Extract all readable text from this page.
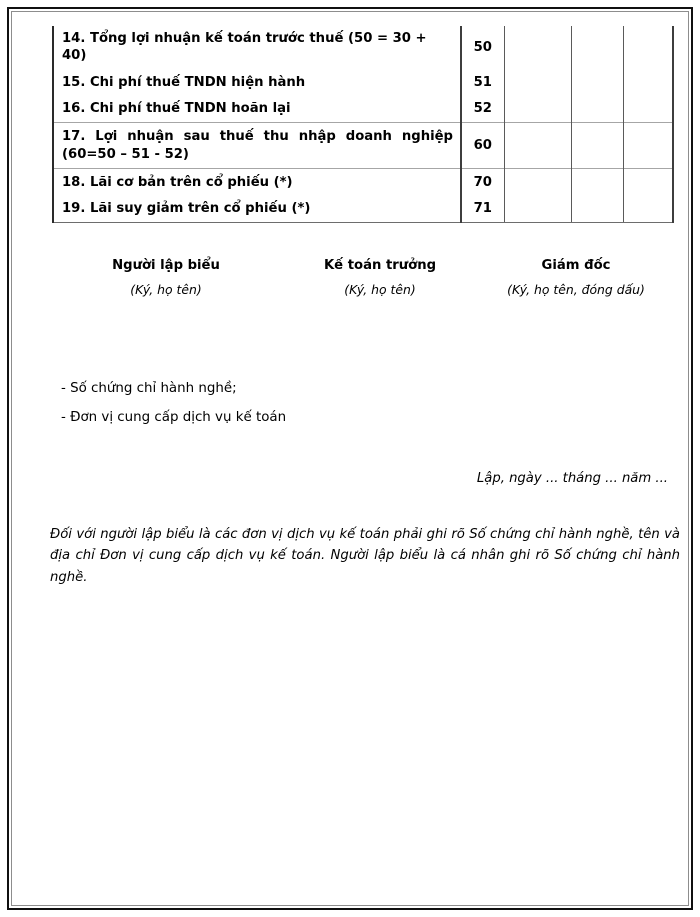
14. Tổng lợi nhuận kế toán trước thuế (50 = 30 + 40)	50			
15. Chi phí thuế TNDN hiện hành	51			
16. Chi phí thuế TNDN hoãn lại	52			
17. Lợi nhuận sau thuế thu nhập doanh nghiệp (60=50 – 51 - 52)	60			
18. Lãi cơ bản trên cổ phiếu (*)	70			
19. Lãi suy giảm trên cổ phiếu (*)	71			
Người lập biểu
(Ký, họ tên)
Kế toán trưởng
(Ký, họ tên)
Giám đốc
(Ký, họ tên, đóng dấu)
- Số chứng chỉ hành nghề;
- Đơn vị cung cấp dịch vụ kế toán
Lập, ngày ... tháng ... năm ...
Đối với người lập biểu là các đơn vị dịch vụ kế toán phải ghi rõ Số chứng chỉ hành nghề, tên và địa chỉ Đơn vị cung cấp dịch vụ kế toán. Người lập biểu là cá nhân ghi rõ Số chứng chỉ hành nghề.
